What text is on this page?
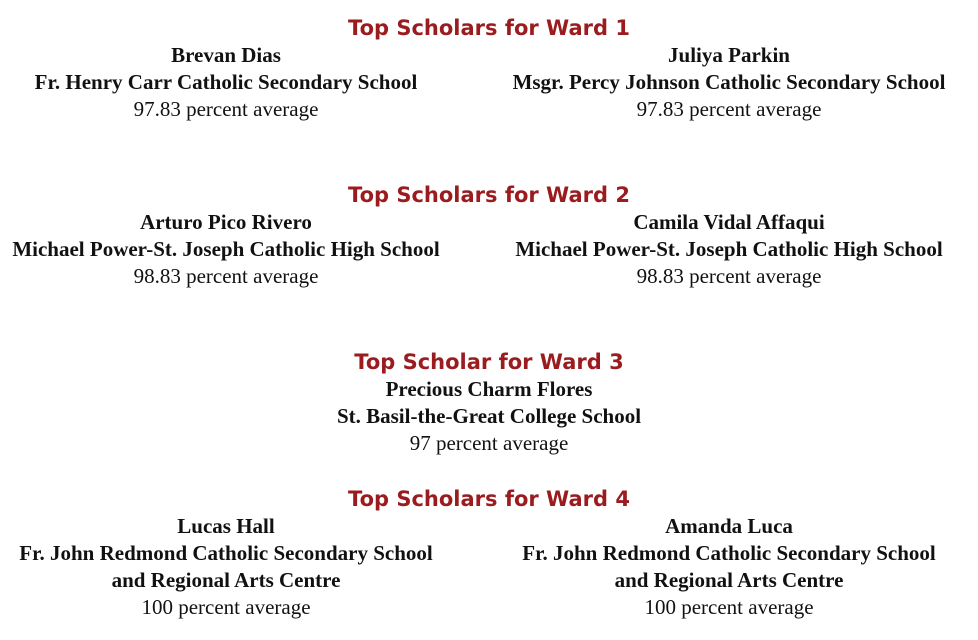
Top Scholars for Ward 1
Brevan Dias
Fr. Henry Carr Catholic Secondary School
97.83 percent average
Juliya Parkin
Msgr. Percy Johnson Catholic Secondary School
97.83 percent average
Top Scholars for Ward 2
Arturo Pico Rivero
Michael Power-St. Joseph Catholic High School
98.83 percent average
Camila Vidal Affaqui
Michael Power-St. Joseph Catholic High School
98.83 percent average
Top Scholar for Ward 3
Precious Charm Flores
St. Basil-the-Great College School
97 percent average
Top Scholars for Ward 4
Lucas Hall
Fr. John Redmond Catholic Secondary School and Regional Arts Centre
100 percent average
Amanda Luca
Fr. John Redmond Catholic Secondary School and Regional Arts Centre
100 percent average
